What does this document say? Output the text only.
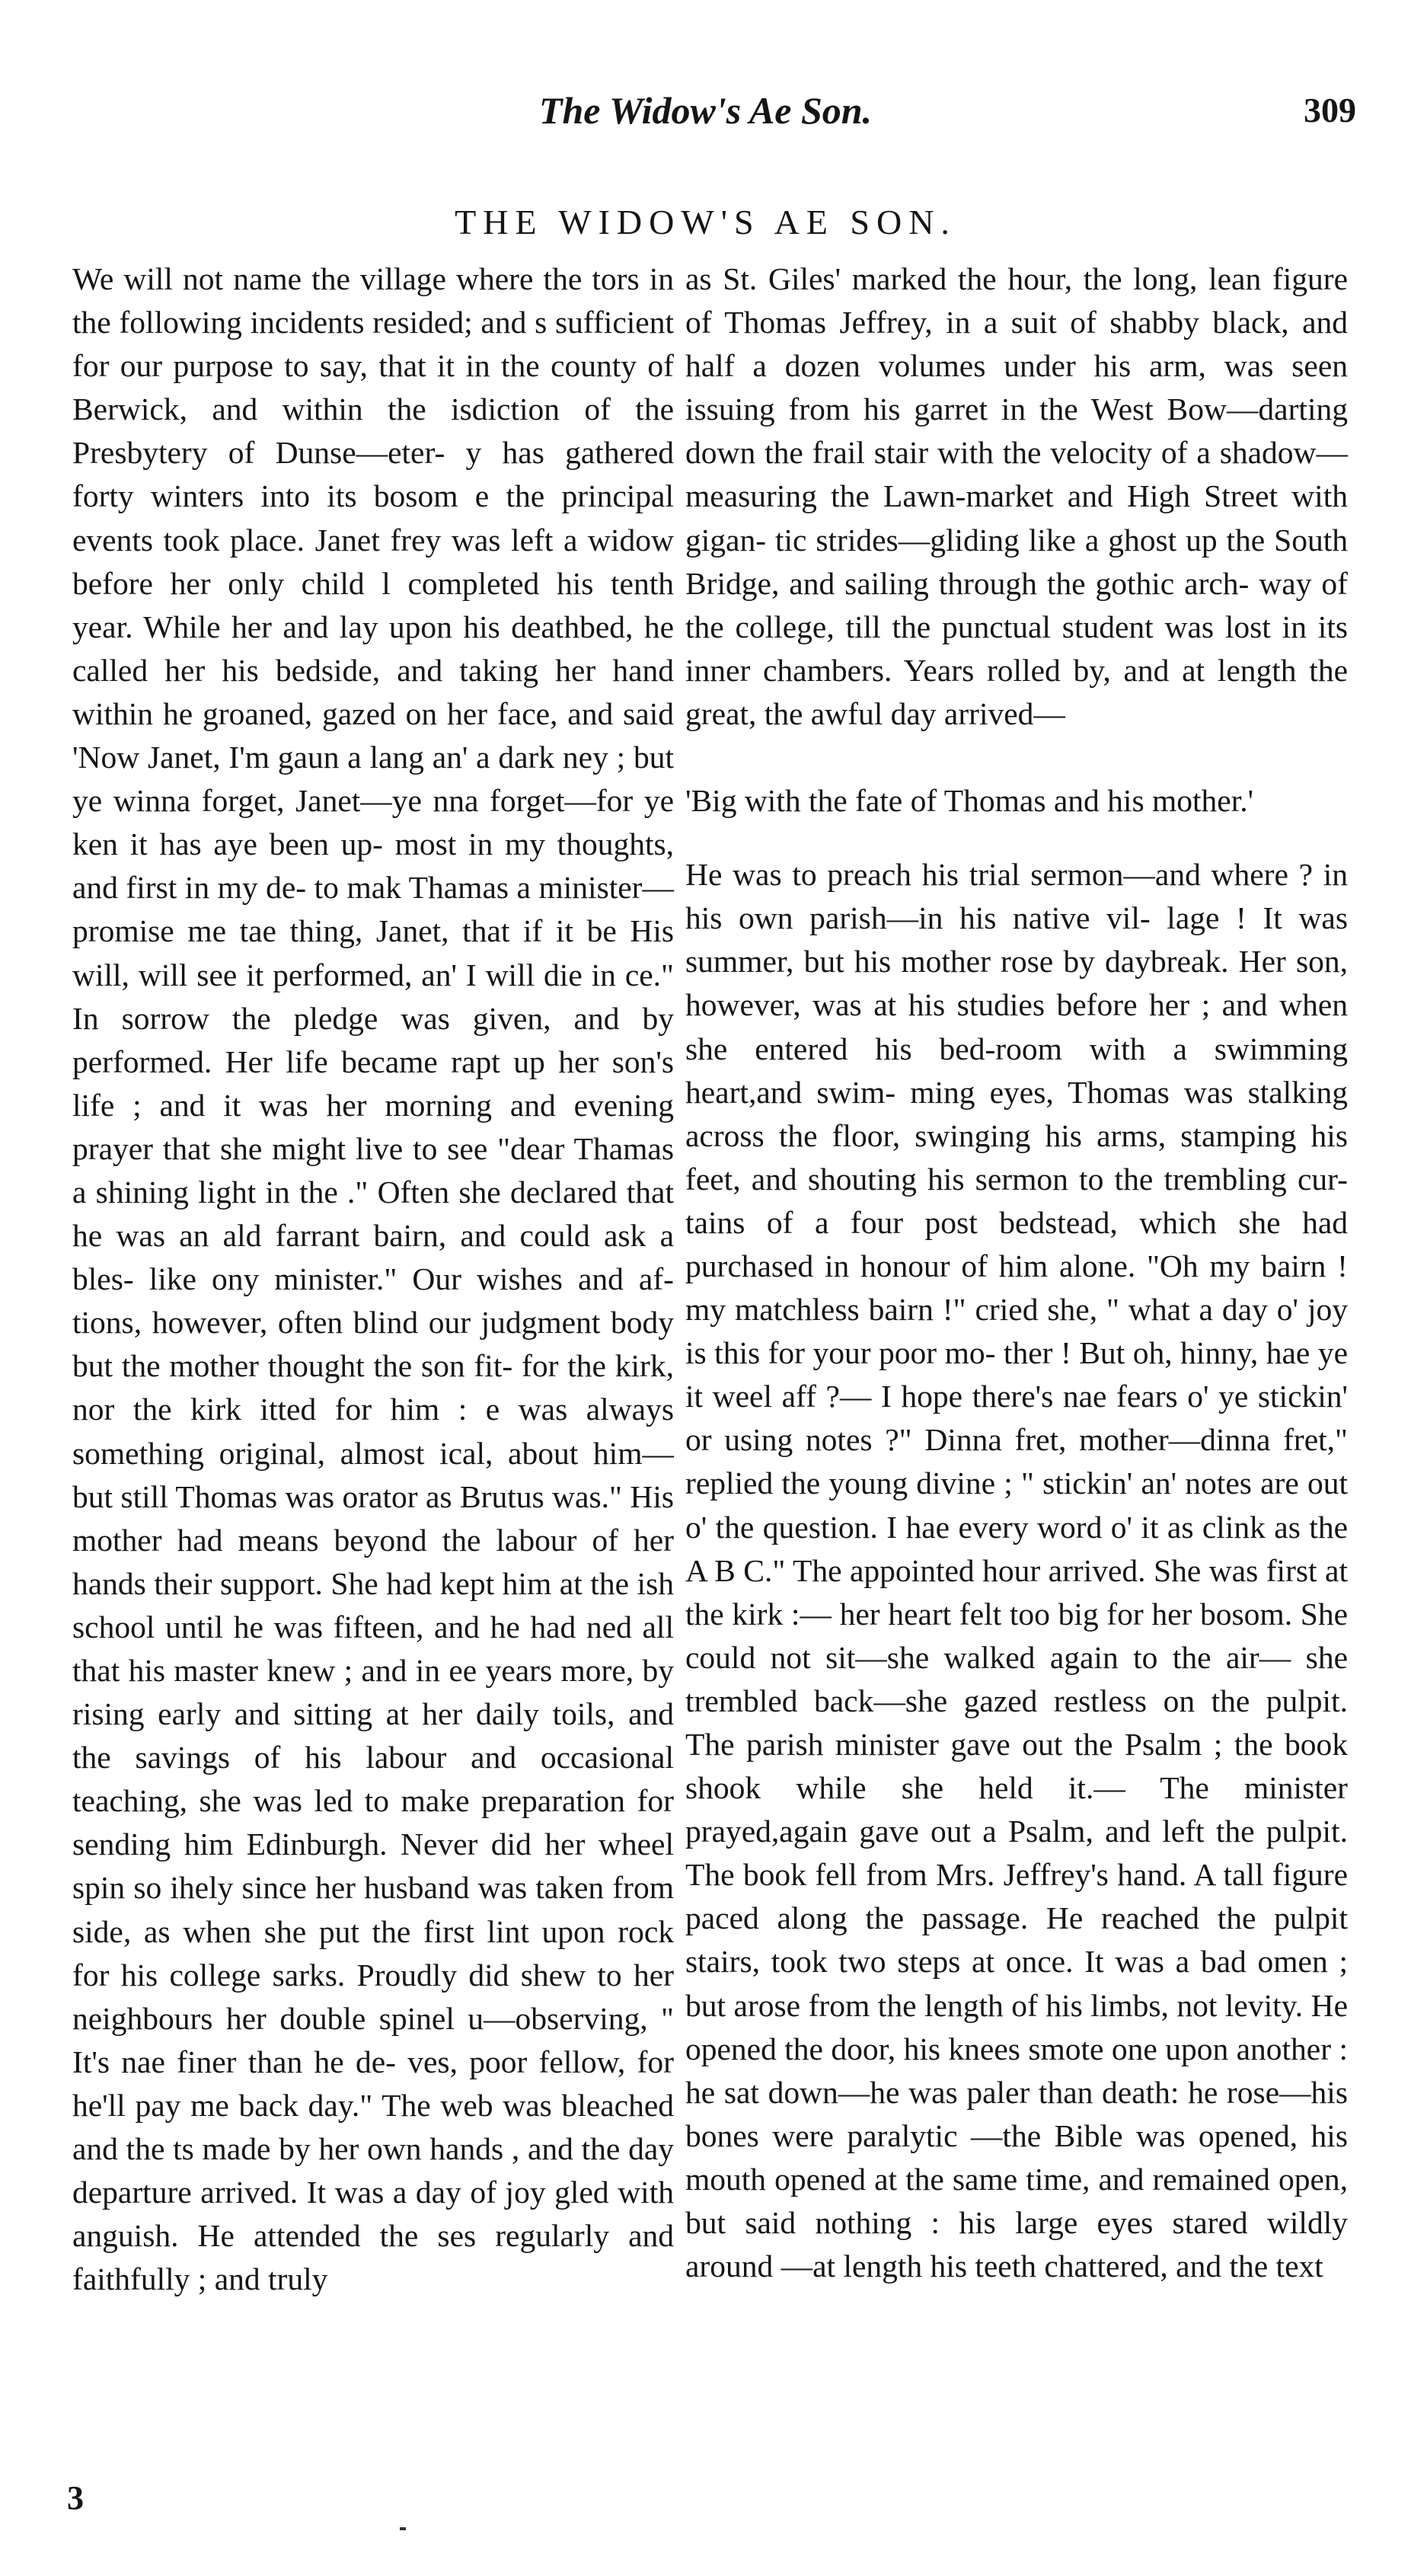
The Widow's Ae Son.	309
THE WIDOW'S AE SON.

We will not name the village where the tors in the following incidents resided; and s sufficient for our purpose to say, that it in the county of Berwick, and within the isdiction of the Presbytery of Dunse—eter- y has gathered forty winters into its bosom e the principal events took place. Janet frey was left a widow before her only child l completed his tenth year. While her and lay upon his deathbed, he called her his bedside, and taking her hand within he groaned, gazed on her face, and said 'Now Janet, I'm gaun a lang an' a dark ney ; but ye winna forget, Janet—ye nna forget—for ye ken it has aye been up- most in my thoughts, and first in my de- to mak Thamas a minister—promise me tae thing, Janet, that if it be His will, will see it performed, an' I will die in ce." In sorrow the pledge was given, and by performed. Her life became rapt up her son's life ; and it was her morning and evening prayer that she might live to see "dear Thamas a shining light in the ." Often she declared that he was an ald farrant bairn, and could ask a bles- like ony minister." Our wishes and af- tions, however, often blind our judgment body but the mother thought the son fit- for the kirk, nor the kirk itted for him : e was always something original, almost ical, about him—but still Thomas was orator as Brutus was." His mother had means beyond the labour of her hands their support. She had kept him at the ish school until he was fifteen, and he had ned all that his master knew ; and in ee years more, by rising early and sitting at her daily toils, and the savings of his labour and occasional teaching, she was led to make preparation for sending him Edinburgh. Never did her wheel spin so ihely since her husband was taken from side, as when she put the first lint upon rock for his college sarks. Proudly did shew to her neighbours her double spinel u—observing, " It's nae finer than he de- ves, poor fellow, for he'll pay me back day." The web was bleached and the ts made by her own hands , and the day departure arrived. It was a day of joy gled with anguish. He attended the ses regularly and faithfully ; and truly

as St. Giles' marked the hour, the long, lean figure of Thomas Jeffrey, in a suit of shabby black, and half a dozen volumes under his arm, was seen issuing from his garret in the West Bow—darting down the frail stair with the velocity of a shadow—measuring the Lawn-market and High Street with gigan- tic strides—gliding like a ghost up the South Bridge, and sailing through the gothic arch- way of the college, till the punctual student was lost in its inner chambers. Years rolled by, and at length the great, the awful day arrived—

'Big with the fate of Thomas and his mother.'

He was to preach his trial sermon—and where ? in his own parish—in his native vil- lage ! It was summer, but his mother rose by daybreak. Her son, however, was at his studies before her ; and when she entered his bed-room with a swimming heart,and swim- ming eyes, Thomas was stalking across the floor, swinging his arms, stamping his feet, and shouting his sermon to the trembling cur- tains of a four post bedstead, which she had purchased in honour of him alone. "Oh my bairn ! my matchless bairn !" cried she, " what a day o' joy is this for your poor mo- ther ! But oh, hinny, hae ye it weel aff ?— I hope there's nae fears o' ye stickin' or using notes ?" Dinna fret, mother—dinna fret," replied the young divine ; " stickin' an' notes are out o' the question. I hae every word o' it as clink as the A B C." The appointed hour arrived. She was first at the kirk :— her heart felt too big for her bosom. She could not sit—she walked again to the air— she trembled back—she gazed restless on the pulpit. The parish minister gave out the Psalm ; the book shook while she held it.— The minister prayed,again gave out a Psalm, and left the pulpit. The book fell from Mrs. Jeffrey's hand. A tall figure paced along the passage. He reached the pulpit stairs, took two steps at once. It was a bad omen ; but arose from the length of his limbs, not levity. He opened the door, his knees smote one upon another : he sat down—he was paler than death: he rose—his bones were paralytic —the Bible was opened, his mouth opened at the same time, and remained open, but said nothing : his large eyes stared wildly around —at length his teeth chattered, and the text

3
